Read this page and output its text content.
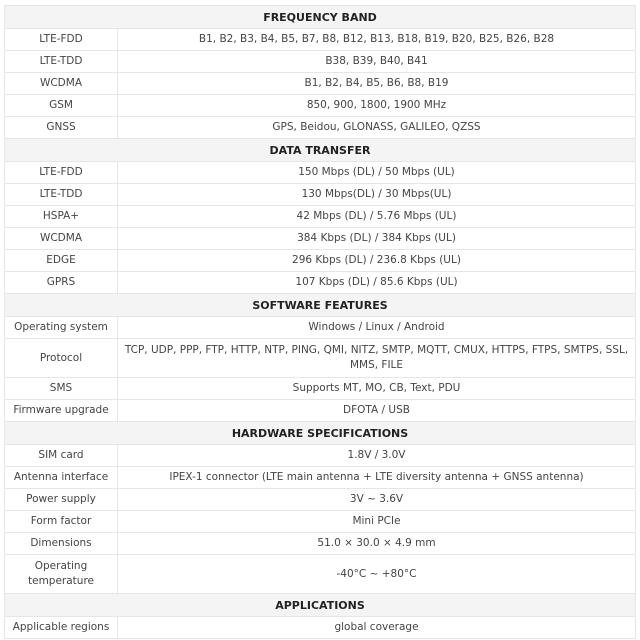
FREQUENCY BAND	
LTE-FDD	B1, B2, B3, B4, B5, B7, B8, B12, B13, B18, B19, B20, B25, B26, B28
LTE-TDD	B38, B39, B40, B41
WCDMA	B1, B2, B4, B5, B6, B8, B19
GSM	850, 900, 1800, 1900 MHz
GNSS	GPS, Beidou, GLONASS, GALILEO, QZSS
DATA TRANSFER	
LTE-FDD	150 Mbps (DL) / 50 Mbps (UL)
LTE-TDD	130 Mbps(DL) / 30 Mbps(UL)
HSPA+	42 Mbps (DL) / 5.76 Mbps (UL)
WCDMA	384 Kbps (DL) / 384 Kbps (UL)
EDGE	296 Kbps (DL) / 236.8 Kbps (UL)
GPRS	107 Kbps (DL) / 85.6 Kbps (UL)
SOFTWARE FEATURES	
Operating system	Windows / Linux / Android
Protocol	TCP, UDP, PPP, FTP, HTTP, NTP, PING, QMI, NITZ, SMTP, MQTT, CMUX, HTTPS, FTPS, SMTPS, SSL, MMS, FILE
SMS	Supports MT, MO, CB, Text, PDU
Firmware upgrade	DFOTA / USB
HARDWARE SPECIFICATIONS	
SIM card	1.8V / 3.0V
Antenna interface	IPEX-1 connector (LTE main antenna + LTE diversity antenna + GNSS antenna)
Power supply	3V ~ 3.6V
Form factor	Mini PCIe
Dimensions	51.0 × 30.0 × 4.9 mm
Operating temperature	-40°C ~ +80°C
APPLICATIONS	
Applicable regions	global coverage
